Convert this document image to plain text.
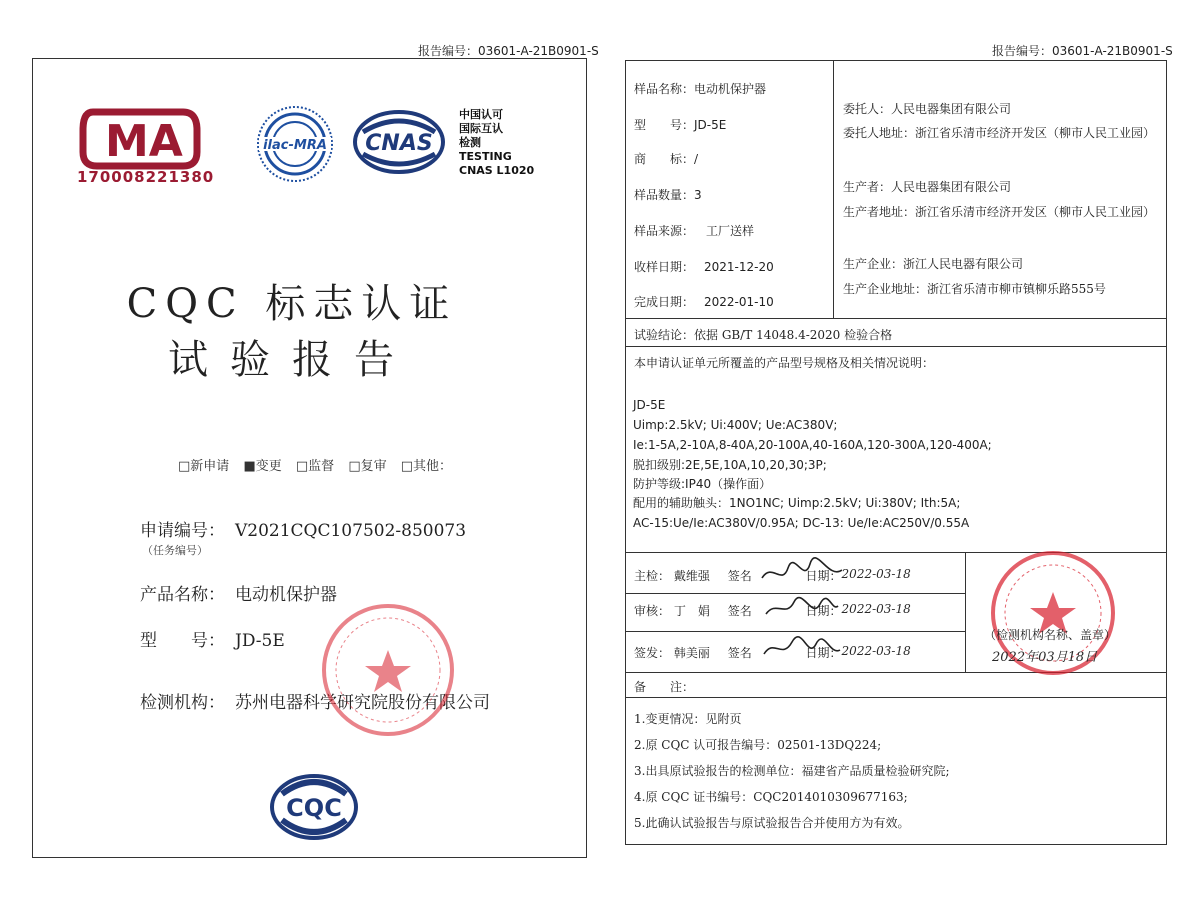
报告编号：03601-A-21B0901-S
MA
170008221380
ilac-MRA CNAS
中国认可
国际互认
检测
TESTING
CNAS L1020
CQC 标志认证
试验报告
□新申请 ■变更 □监督 □复审 □其他：
申请编号： V2021CQC107502-850073
（任务编号）
产品名称： 电动机保护器
型　　号： JD-5E
检测机构： 苏州电器科学研究院股份有限公司
CQC
报告编号：03601-A-21B0901-S
样品名称：电动机保护器
型　　号：JD-5E
商　　标：/
样品数量：3
样品来源： 工厂送样
收样日期： 2021-12-20
完成日期： 2022-01-10
委托人：人民电器集团有限公司
委托人地址：浙江省乐清市经济开发区（柳市人民工业园）
生产者：人民电器集团有限公司
生产者地址：浙江省乐清市经济开发区（柳市人民工业园）
生产企业：浙江人民电器有限公司
生产企业地址：浙江省乐清市柳市镇柳乐路555号
试验结论：依据 GB/T 14048.4-2020 检验合格
本申请认证单元所覆盖的产品型号规格及相关情况说明：
JD-5E
Uimp:2.5kV; Ui:400V; Ue:AC380V;
Ie:1-5A,2-10A,8-40A,20-100A,40-160A,120-300A,120-400A;
脱扣级别:2E,5E,10A,10,20,30;3P;
防护等级:IP40（操作面）
配用的辅助触头：1NO1NC; Uimp:2.5kV; Ui:380V; Ith:5A;
AC-15:Ue/Ie:AC380V/0.95A; DC-13: Ue/Ie:AC250V/0.55A
主检： 戴维强 签名	日期： 2022-03-18
审核： 丁　娟 签名	日期： 2022-03-18
签发： 韩美丽 签名	日期： 2022-03-18
（检测机构名称、盖章）
2022年03月18日
备　　注：
1.变更情况：见附页
2.原 CQC 认可报告编号：02501-13DQ224;
3.出具原试验报告的检测单位：福建省产品质量检验研究院;
4.原 CQC 证书编号：CQC2014010309677163;
5.此确认试验报告与原试验报告合并使用方为有效。
